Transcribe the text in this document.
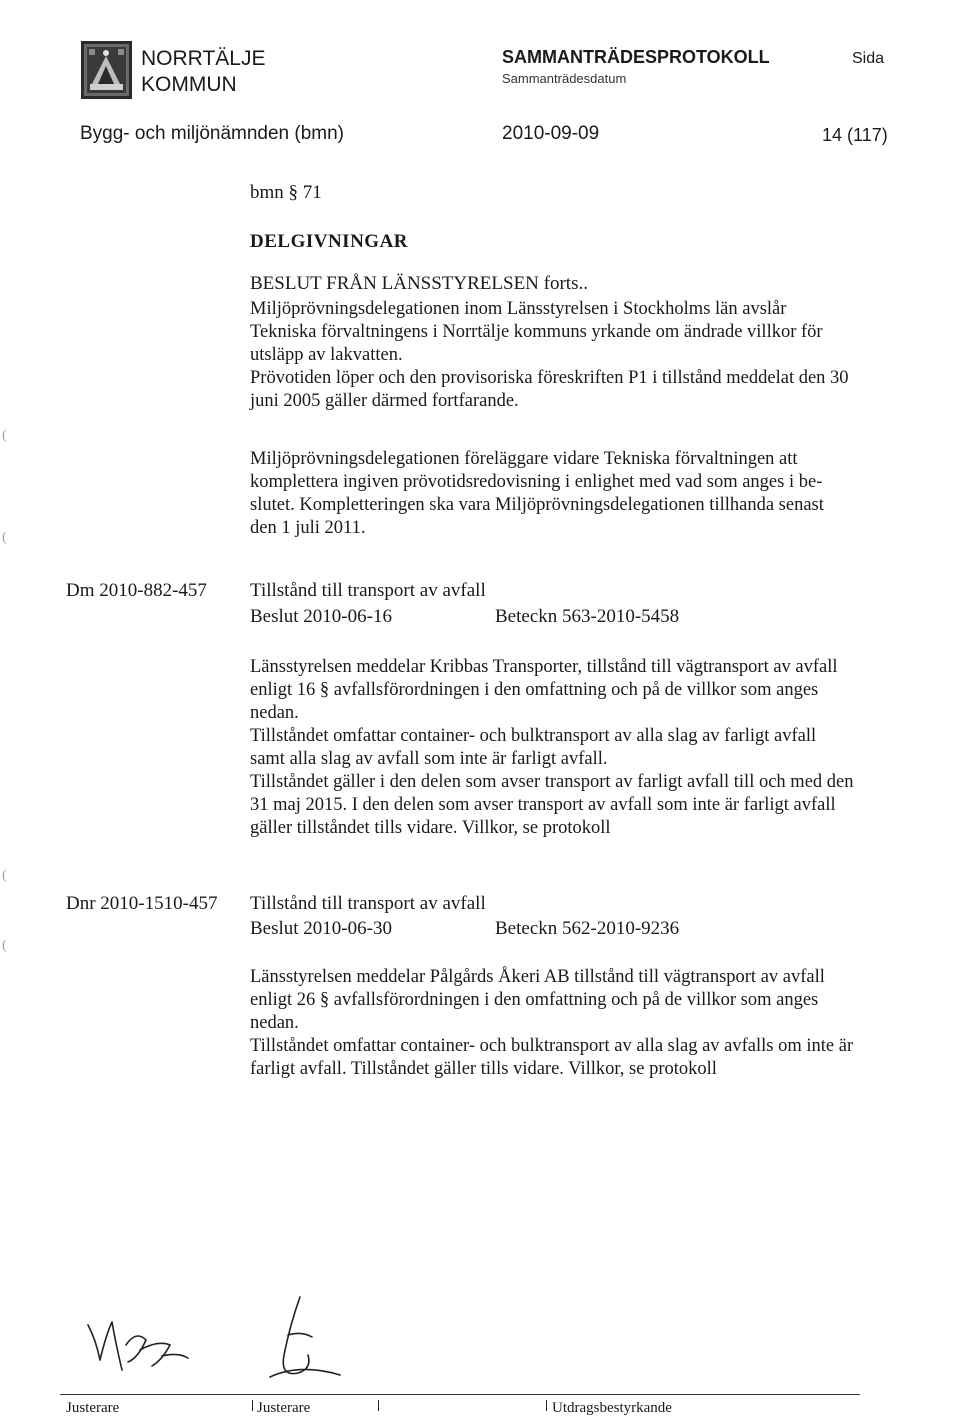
NORRTÄLJE
KOMMUN
SAMMANTRÄDESPROTOKOLL
Sammanträdesdatum
Sida
Bygg- och miljönämnden (bmn)	2010-09-09	14 (117)
bmn § 71
DELGIVNINGAR
BESLUT FRÅN LÄNSSTYRELSEN forts..
Miljöprövningsdelegationen inom Länsstyrelsen i Stockholms län avslår
Tekniska förvaltningens i Norrtälje kommuns yrkande om ändrade villkor för
utsläpp av lakvatten.
Prövotiden löper och den provisoriska föreskriften P1 i tillstånd meddelat den 30
juni 2005 gäller därmed fortfarande.
Miljöprövningsdelegationen föreläggare vidare Tekniska förvaltningen att
komplettera ingiven prövotidsredovisning i enlighet med vad som anges i be-
slutet. Kompletteringen ska vara Miljöprövningsdelegationen tillhanda senast
den 1 juli 2011.
Dm 2010-882-457 Tillstånd till transport av avfall
Beslut 2010-06-16	Beteckn 563-2010-5458
Länsstyrelsen meddelar Kribbas Transporter, tillstånd till vägtransport av avfall
enligt 16 § avfallsförordningen i den omfattning och på de villkor som anges
nedan.
Tillståndet omfattar container- och bulktransport av alla slag av farligt avfall
samt alla slag av avfall som inte är farligt avfall.
Tillståndet gäller i den delen som avser transport av farligt avfall till och med den
31 maj 2015. I den delen som avser transport av avfall som inte är farligt avfall
gäller tillståndet tills vidare. Villkor, se protokoll
Dnr 2010-1510-457 Tillstånd till transport av avfall
Beslut 2010-06-30	Beteckn 562-2010-9236
Länsstyrelsen meddelar Pålgårds Åkeri AB tillstånd till vägtransport av avfall
enligt 26 § avfallsförordningen i den omfattning och på de villkor som anges
nedan.
Tillståndet omfattar container- och bulktransport av alla slag av avfalls om inte är
farligt avfall. Tillståndet gäller tills vidare. Villkor, se protokoll
(
(
(
(
Justerare	Justerare	Utdragsbestyrkande
